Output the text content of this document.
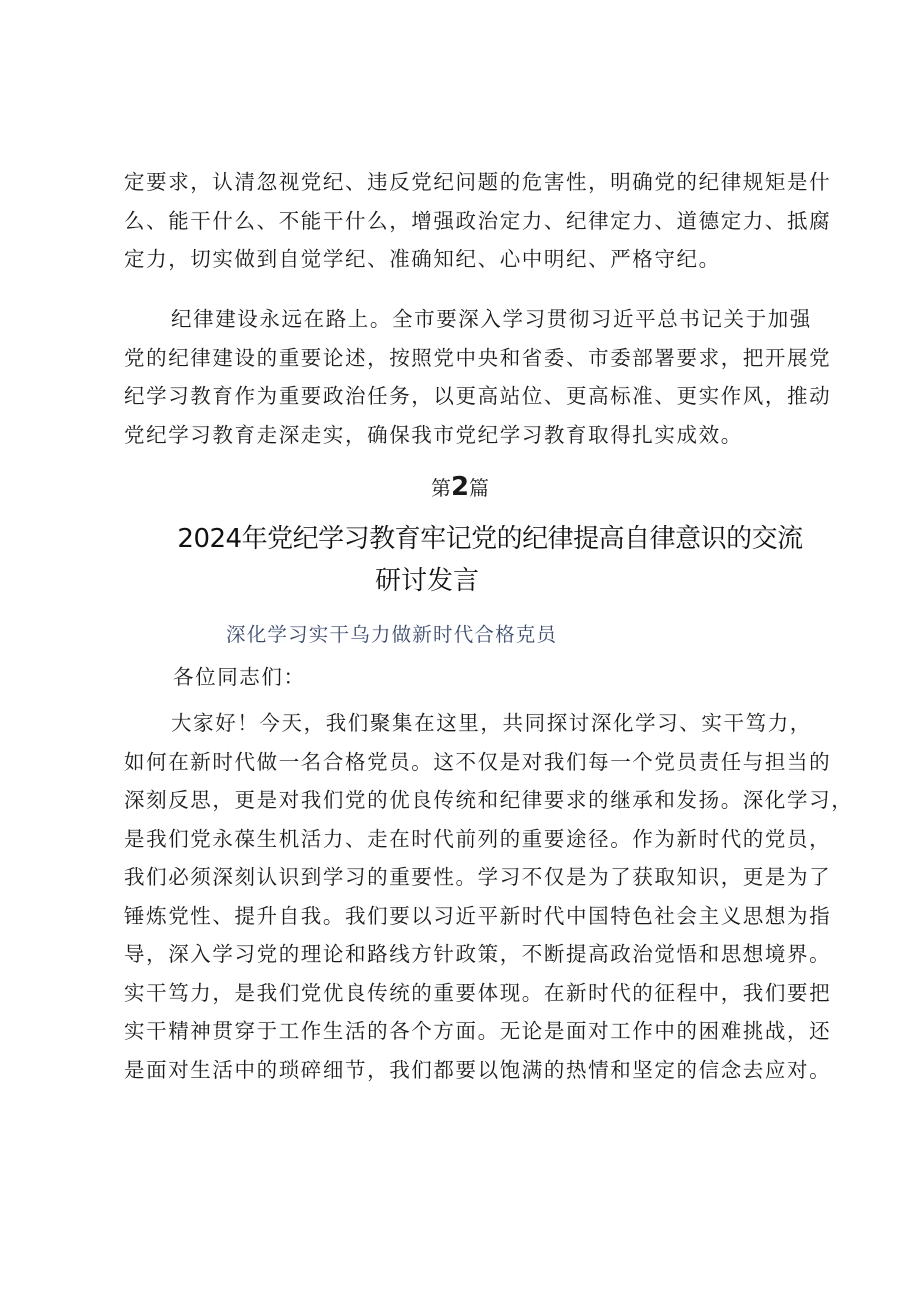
定要求，认清忽视党纪、违反党纪问题的危害性，明确党的纪律规矩是什
么、能干什么、不能干什么，增强政治定力、纪律定力、道德定力、抵腐
定力，切实做到自觉学纪、准确知纪、心中明纪、严格守纪。
纪律建设永远在路上。全市要深入学习贯彻习近平总书记关于加强
党的纪律建设的重要论述，按照党中央和省委、市委部署要求，把开展党
纪学习教育作为重要政治任务，以更高站位、更高标准、更实作风，推动
党纪学习教育走深走实，确保我市党纪学习教育取得扎实成效。
第2篇
2024年党纪学习教育牢记党的纪律提高自律意识的交流
研讨发言
深化学习实干乌力做新时代合格克员
各位同志们：
大家好！今天，我们聚集在这里，共同探讨深化学习、实干笃力，
如何在新时代做一名合格党员。这不仅是对我们每一个党员责任与担当的
深刻反思，更是对我们党的优良传统和纪律要求的继承和发扬。深化学习，
是我们党永葆生机活力、走在时代前列的重要途径。作为新时代的党员，
我们必须深刻认识到学习的重要性。学习不仅是为了获取知识，更是为了
锤炼党性、提升自我。我们要以习近平新时代中国特色社会主义思想为指
导，深入学习党的理论和路线方针政策，不断提高政治觉悟和思想境界。
实干笃力，是我们党优良传统的重要体现。在新时代的征程中，我们要把
实干精神贯穿于工作生活的各个方面。无论是面对工作中的困难挑战，还
是面对生活中的琐碎细节，我们都要以饱满的热情和坚定的信念去应对。
